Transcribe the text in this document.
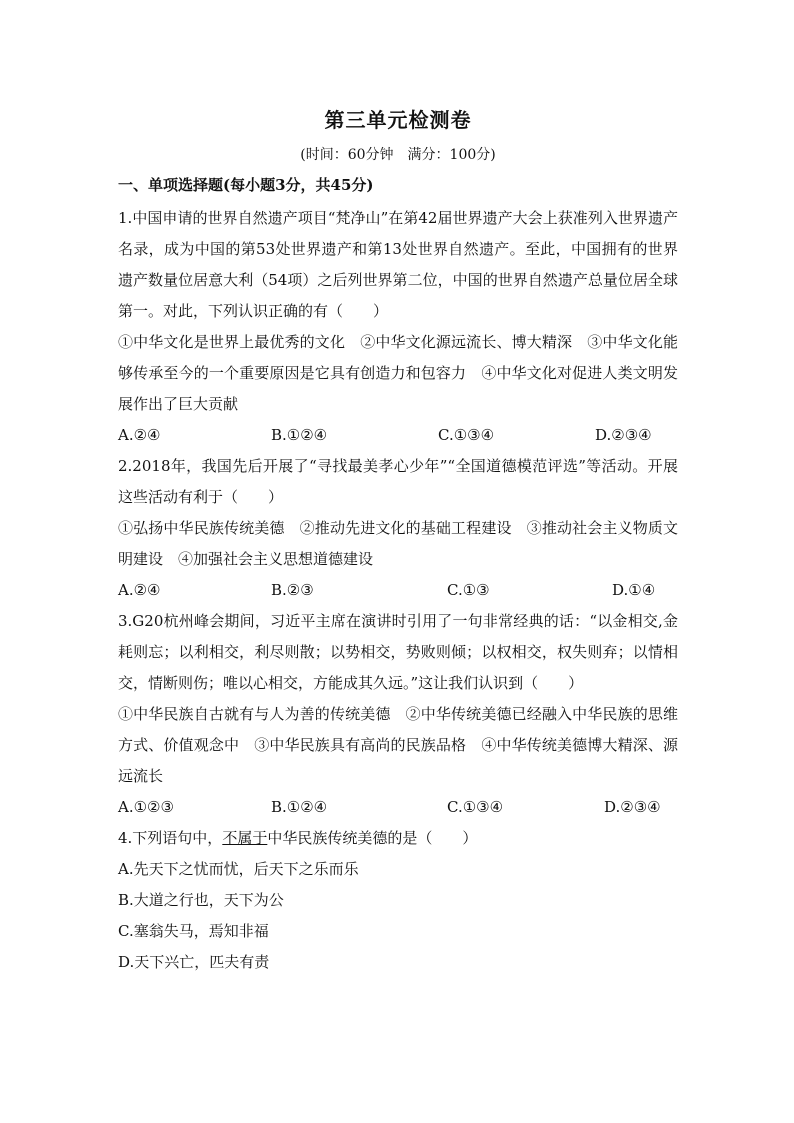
第三单元检测卷
(时间：60分钟　满分：100分)
一、单项选择题(每小题3分，共45分)

1.中国申请的世界自然遗产项目“梵净山”在第42届世界遗产大会上获准列入世界遗产名录，成为中国的第53处世界遗产和第13处世界自然遗产。至此，中国拥有的世界遗产数量位居意大利（54项）之后列世界第二位，中国的世界自然遗产总量位居全球第一。对此，下列认识正确的有（　　）

①中华文化是世界上最优秀的文化　②中华文化源远流长、博大精深　③中华文化能够传承至今的一个重要原因是它具有创造力和包容力　④中华文化对促进人类文明发展作出了巨大贡献

A.②④	B.①②④	C.①③④	D.②③④

2.2018年，我国先后开展了“寻找最美孝心少年”“全国道德模范评选”等活动。开展这些活动有利于（　　）

①弘扬中华民族传统美德　②推动先进文化的基础工程建设　③推动社会主义物质文明建设　④加强社会主义思想道德建设

A.②④	B.②③	C.①③	D.①④

3.G20杭州峰会期间，习近平主席在演讲时引用了一句非常经典的话：“以金相交,金耗则忘；以利相交，利尽则散；以势相交，势败则倾；以权相交，权失则弃；以情相交，情断则伤；唯以心相交，方能成其久远。”这让我们认识到（　　）

①中华民族自古就有与人为善的传统美德　②中华传统美德已经融入中华民族的思维方式、价值观念中　③中华民族具有高尚的民族品格　④中华传统美德博大精深、源远流长

A.①②③	B.①②④	C.①③④	D.②③④

4.下列语句中，不属于中华民族传统美德的是（　　）

A.先天下之忧而忧，后天下之乐而乐
B.大道之行也，天下为公
C.塞翁失马，焉知非福
D.天下兴亡，匹夫有责
